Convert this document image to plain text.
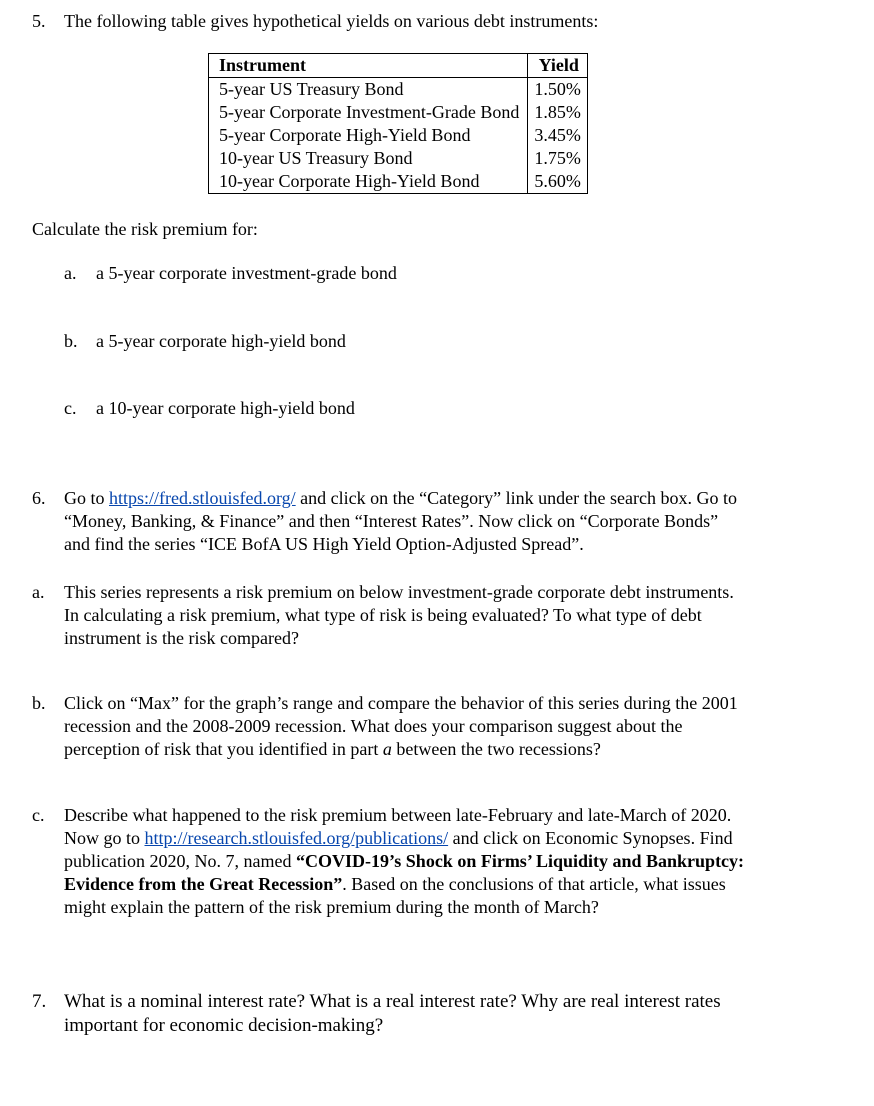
5. The following table gives hypothetical yields on various debt instruments:
Instrument	Yield
5-year US Treasury Bond	1.50%
5-year Corporate Investment-Grade Bond	1.85%
5-year Corporate High-Yield Bond	3.45%
10-year US Treasury Bond	1.75%
10-year Corporate High-Yield Bond	5.60%
Calculate the risk premium for:
a. a 5-year corporate investment-grade bond
b. a 5-year corporate high-yield bond
c. a 10-year corporate high-yield bond
6. Go to https://fred.stlouisfed.org/ and click on the “Category” link under the search box. Go to
“Money, Banking, & Finance” and then “Interest Rates”. Now click on “Corporate Bonds”
and find the series “ICE BofA US High Yield Option-Adjusted Spread”.
a. This series represents a risk premium on below investment-grade corporate debt instruments.
In calculating a risk premium, what type of risk is being evaluated? To what type of debt
instrument is the risk compared?
b. Click on “Max” for the graph’s range and compare the behavior of this series during the 2001
recession and the 2008-2009 recession. What does your comparison suggest about the
perception of risk that you identified in part a between the two recessions?
c. Describe what happened to the risk premium between late-February and late-March of 2020.
Now go to http://research.stlouisfed.org/publications/ and click on Economic Synopses. Find
publication 2020, No. 7, named “COVID-19’s Shock on Firms’ Liquidity and Bankruptcy:
Evidence from the Great Recession”. Based on the conclusions of that article, what issues
might explain the pattern of the risk premium during the month of March?
7. What is a nominal interest rate? What is a real interest rate? Why are real interest rates
important for economic decision-making?
